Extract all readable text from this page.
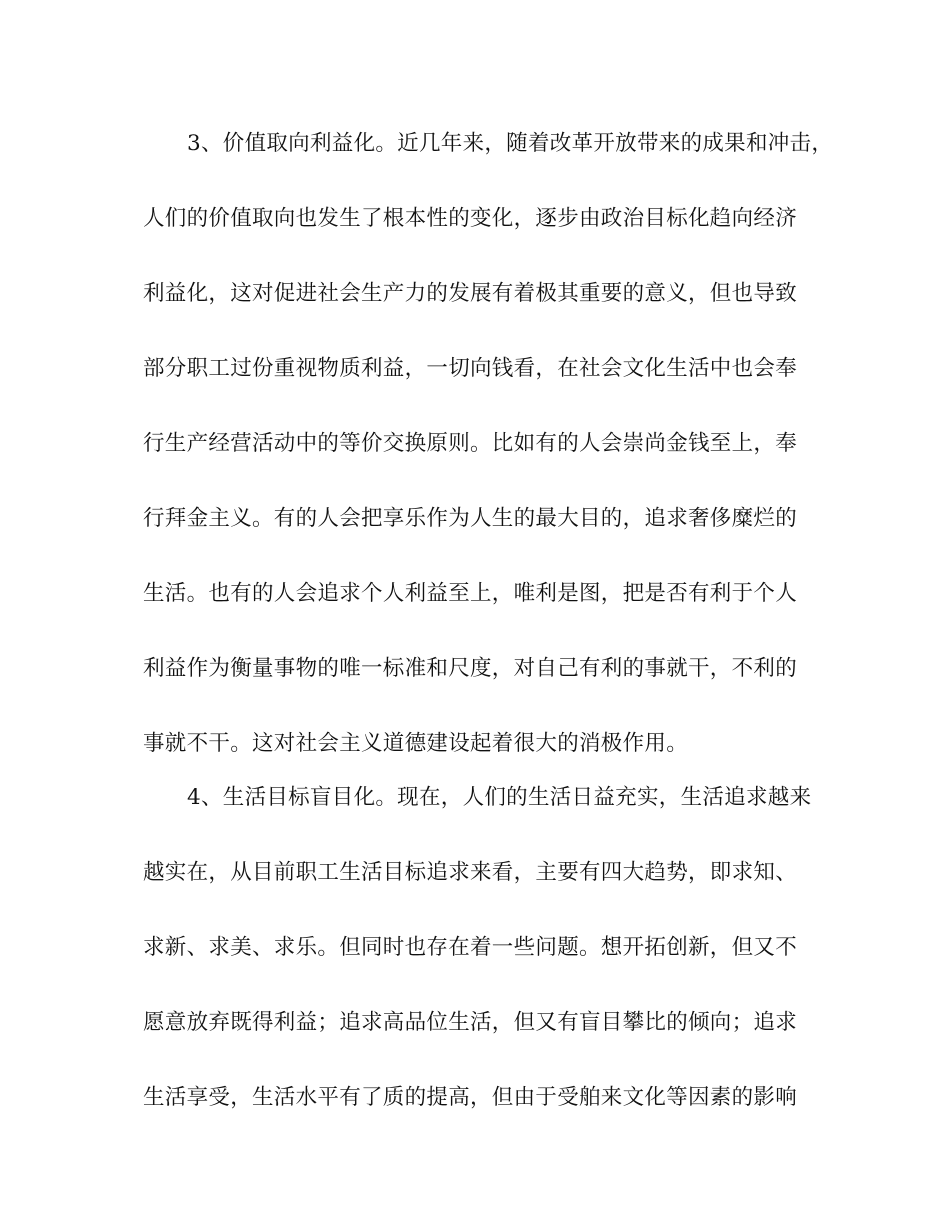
3、价值取向利益化。近几年来，随着改革开放带来的成果和冲击，
人们的价值取向也发生了根本性的变化，逐步由政治目标化趋向经济
利益化，这对促进社会生产力的发展有着极其重要的意义，但也导致
部分职工过份重视物质利益，一切向钱看，在社会文化生活中也会奉
行生产经营活动中的等价交换原则。比如有的人会崇尚金钱至上，奉
行拜金主义。有的人会把享乐作为人生的最大目的，追求奢侈糜烂的
生活。也有的人会追求个人利益至上，唯利是图，把是否有利于个人
利益作为衡量事物的唯一标准和尺度，对自己有利的事就干，不利的
事就不干。这对社会主义道德建设起着很大的消极作用。
4、生活目标盲目化。现在，人们的生活日益充实，生活追求越来
越实在，从目前职工生活目标追求来看，主要有四大趋势，即求知、
求新、求美、求乐。但同时也存在着一些问题。想开拓创新，但又不
愿意放弃既得利益；追求高品位生活，但又有盲目攀比的倾向；追求
生活享受，生活水平有了质的提高，但由于受舶来文化等因素的影响
